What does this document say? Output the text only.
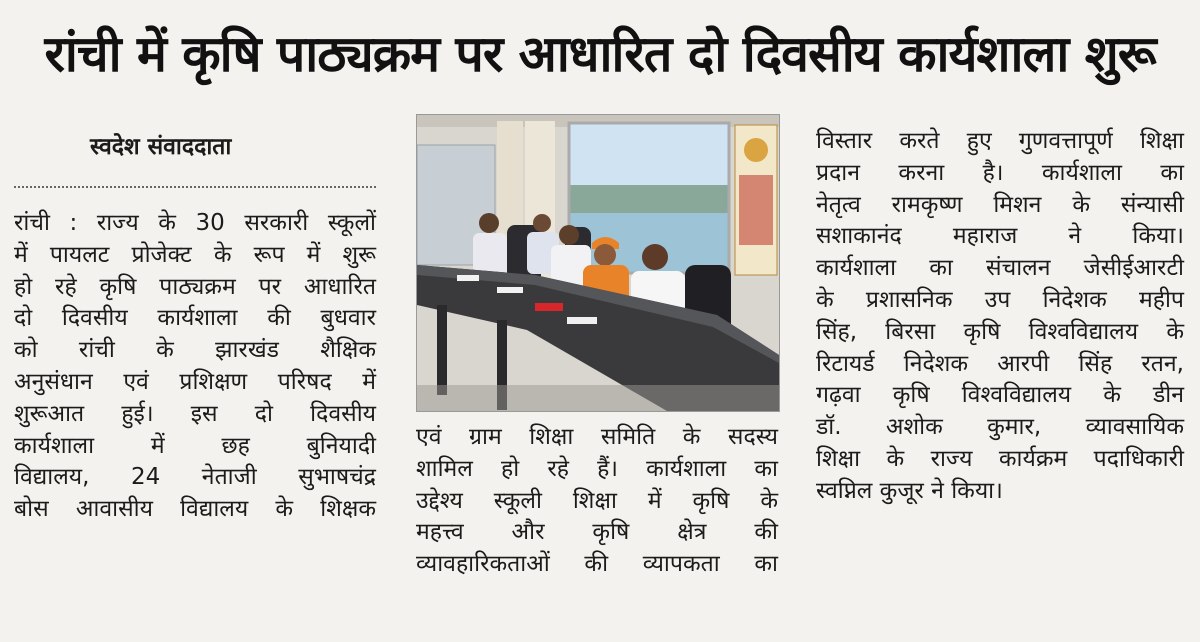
रांची में कृषि पाठ्यक्रम पर आधारित दो दिवसीय कार्यशाला शुरू
स्वदेश संवाददाता

रांची : राज्य के 30 सरकारी स्कूलों

में पायलट प्रोजेक्ट के रूप में शुरू

हो रहे कृषि पाठ्यक्रम पर आधारित

दो दिवसीय कार्यशाला की बुधवार

को रांची के झारखंड शैक्षिक

अनुसंधान एवं प्रशिक्षण परिषद में

शुरूआत हुई। इस दो दिवसीय

कार्यशाला में छह बुनियादी

विद्यालय, 24 नेताजी सुभाषचंद्र

बोस आवासीय विद्यालय के शिक्षक

एवं ग्राम शिक्षा समिति के सदस्य

शामिल हो रहे हैं। कार्यशाला का

उद्देश्य स्कूली शिक्षा में कृषि के

महत्त्व और कृषि क्षेत्र की

व्यावहारिकताओं की व्यापकता का

विस्तार करते हुए गुणवत्तापूर्ण शिक्षा

प्रदान करना है। कार्यशाला का

नेतृत्व रामकृष्ण मिशन के संन्यासी

सशाकानंद महाराज ने किया।

कार्यशाला का संचालन जेसीईआरटी

के प्रशासनिक उप निदेशक महीप

सिंह, बिरसा कृषि विश्वविद्यालय के

रिटायर्ड निदेशक आरपी सिंह रतन,

गढ़वा कृषि विश्वविद्यालय के डीन

डॉ. अशोक कुमार, व्यावसायिक

शिक्षा के राज्य कार्यक्रम पदाधिकारी

स्वप्निल कुजूर ने किया।
